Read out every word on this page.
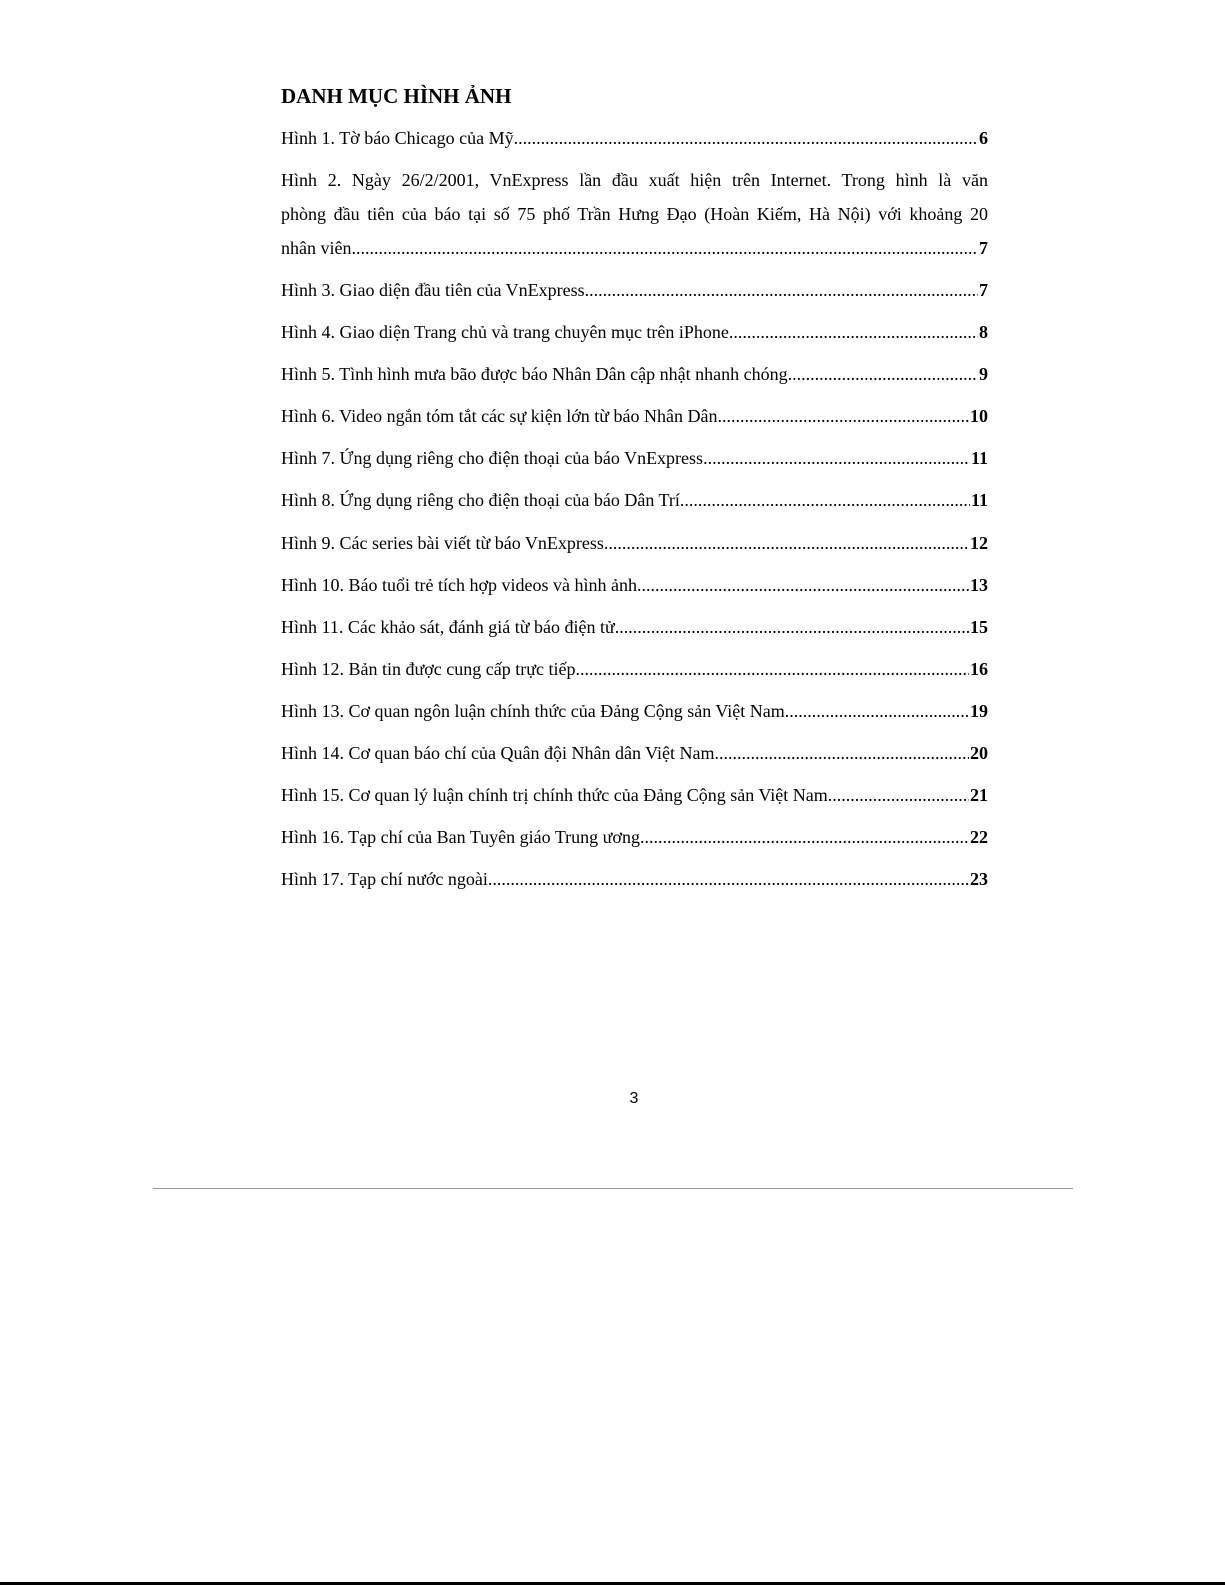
DANH MỤC HÌNH ẢNH
Hình 1. Tờ báo Chicago của Mỹ .....	6
Hình 2. Ngày 26/2/2001, VnExpress lần đầu xuất hiện trên Internet. Trong hình là văn
phòng đầu tiên của báo tại số 75 phố Trần Hưng Đạo (Hoàn Kiếm, Hà Nội) với khoảng 20
nhân viên. .....	7
Hình 3. Giao diện đầu tiên của VnExpress .....	7
Hình 4. Giao diện Trang chủ và trang chuyên mục trên iPhone .....	8
Hình 5. Tình hình mưa bão được báo Nhân Dân cập nhật nhanh chóng .....	9
Hình 6. Video ngắn tóm tắt các sự kiện lớn từ báo Nhân Dân .....	10
Hình 7. Ứng dụng riêng cho điện thoại của báo VnExpress .....	11
Hình 8. Ứng dụng riêng cho điện thoại của báo Dân Trí .....	11
Hình 9. Các series bài viết từ báo VnExpress .....	12
Hình 10. Báo tuổi trẻ tích hợp videos và hình ảnh .....	13
Hình 11. Các khảo sát, đánh giá từ báo điện tử .....	15
Hình 12. Bản tin được cung cấp trực tiếp .....	16
Hình 13. Cơ quan ngôn luận chính thức của Đảng Cộng sản Việt Nam .....	19
Hình 14. Cơ quan báo chí của Quân đội Nhân dân Việt Nam .....	20
Hình 15. Cơ quan lý luận chính trị chính thức của Đảng Cộng sản Việt Nam .....	21
Hình 16. Tạp chí của Ban Tuyên giáo Trung ương .....	22
Hình 17. Tạp chí nước ngoài .....	23
3
